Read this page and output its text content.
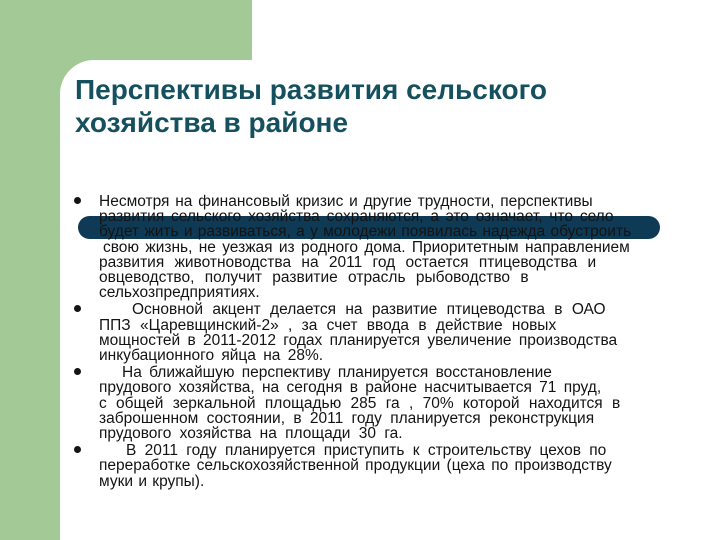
Перспективы развития сельского
хозяйства в районе
Несмотря на финансовый кризис и другие трудности, перспективы
развития сельского хозяйства сохраняются, а это означает, что село
будет жить и развиваться, а у молодежи появилась надежда обустроить
свою жизнь, не уезжая из родного дома. Приоритетным направлением
развития животноводства на 2011 год остается птицеводства и
овцеводство, получит развитие отрасль рыбоводство в
сельхозпредприятиях.
Основной акцент делается на развитие птицеводства в ОАО
ППЗ «Царевщинский-2» , за счет ввода в действие новых
мощностей в 2011-2012 годах планируется увеличение производства
инкубационного яйца на 28%.
На ближайшую перспективу планируется восстановление
прудового хозяйства, на сегодня в районе насчитывается 71 пруд,
с общей зеркальной площадью 285 га , 70% которой находится в
заброшенном состоянии, в 2011 году планируется реконструкция
прудового хозяйства на площади 30 га.
В 2011 году планируется приступить к строительству цехов по
переработке сельскохозяйственной продукции (цеха по производству
муки и крупы).
